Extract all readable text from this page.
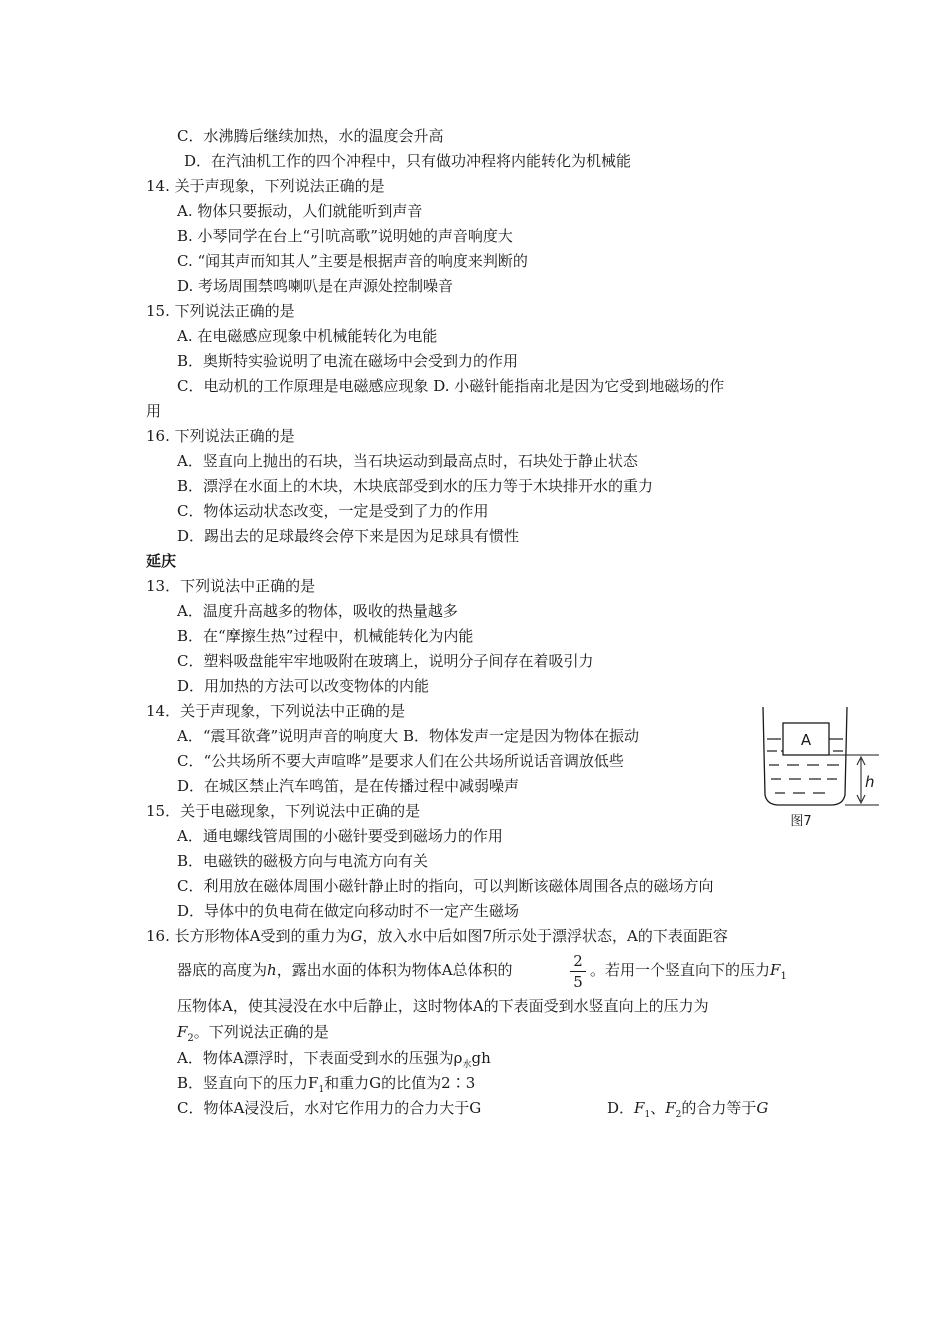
C．水沸腾后继续加热，水的温度会升高
D．在汽油机工作的四个冲程中，只有做功冲程将内能转化为机械能
14. 关于声现象，下列说法正确的是
A. 物体只要振动，人们就能听到声音
B. 小琴同学在台上“引吭高歌”说明她的声音响度大
C. “闻其声而知其人”主要是根据声音的响度来判断的
D. 考场周围禁鸣喇叭是在声源处控制噪音
15. 下列说法正确的是
A. 在电磁感应现象中机械能转化为电能
B．奥斯特实验说明了电流在磁场中会受到力的作用
C．电动机的工作原理是电磁感应现象 D. 小磁针能指南北是因为它受到地磁场的作
用
16. 下列说法正确的是
A．竖直向上抛出的石块，当石块运动到最高点时，石块处于静止状态
B．漂浮在水面上的木块，木块底部受到水的压力等于木块排开水的重力
C．物体运动状态改变，一定是受到了力的作用
D．踢出去的足球最终会停下来是因为足球具有惯性
延庆
13．下列说法中正确的是
A．温度升高越多的物体，吸收的热量越多
B．在“摩擦生热”过程中，机械能转化为内能
C．塑料吸盘能牢牢地吸附在玻璃上，说明分子间存在着吸引力
D．用加热的方法可以改变物体的内能
14．关于声现象，下列说法中正确的是
A．“震耳欲聋”说明声音的响度大 B．物体发声一定是因为物体在振动
C．“公共场所不要大声喧哗”是要求人们在公共场所说话音调放低些
D．在城区禁止汽车鸣笛，是在传播过程中减弱噪声
15．关于电磁现象，下列说法中正确的是
A．通电螺线管周围的小磁针要受到磁场力的作用
B．电磁铁的磁极方向与电流方向有关
C．利用放在磁体周围小磁针静止时的指向，可以判断该磁体周围各点的磁场方向
D．导体中的负电荷在做定向移动时不一定产生磁场
16. 长方形物体A受到的重力为G，放入水中后如图7所示处于漂浮状态，A的下表面距容
器底的高度为h，露出水面的体积为物体A总体积的	2
5
。若用一个竖直向下的压力$F_1$
压物体A，使其浸没在水中后静止，这时物体A的下表面受到水竖直向上的压力为
$F_2$。下列说法正确的是
A．物体A漂浮时，下表面受到水的压强为$\rho_水gh$
B．竖直向下的压力$F_1$和重力G的比值为2∶3
C．物体A浸没后，水对它作用力的合力大于G	D．$F_1$、$F_2$的合力等于G
A
h
图7
